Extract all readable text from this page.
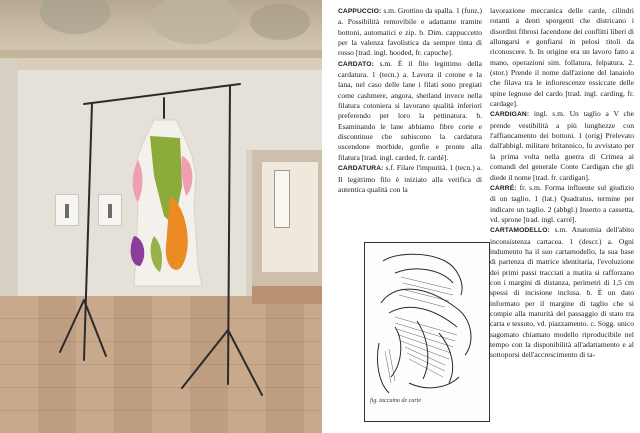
CAPPUCCIO: s.m. Grottino da spalla. 1 (funz.) a. Possibilità removibile e adattante tramite bottoni, automatici e zip. b. Dim. cappuccetto per la valenza favolistica da sempre tinta di rosso [trad. ingl. hooded, fr. capuche].

CARDATO: s.m. È il filo legittimo della cardatura. 1 (tecn.) a. Lavora il cotone e la lana, nel caso delle lane i filati sono pregiati come cashmere, angora, shetland invece nella filatura cotoniera si lavorano qualità inferiori preferendo per loro la pettinatura. b. Esaminando le lane abbiamo fibre corte e discontinue che subiscono la cardatura uscendone morbide, gonfie e pronte alla filatura [trad. ingl. carded, fr. cardé].

CARDATURA: s.f. Filare l'impurità. 1 (tecn.) a. Il legittimo filo è iniziato alla verifica di autentica qualità con la

fig. taccuino de carte

lavorazione meccanica delle carde, cilindri rotanti a denti sporgenti che districano i disordini fibrosi facendone dei conflitti liberi di allungarsi e gonfiarsi in pelosi titoli da riconoscere. b. In origine era un lavoro fatto a mano, operazioni sim. follatura, felpatura. 2. (stor.) Prende il nome dall'azione del lanaiolo che filava tra le infiorescenze essiccate delle spine legnose del cardo [trad. ingl. carding, fr. cardage].

CARDIGAN: ingl. s.m. Un taglio a V che prende vestibilità a più lunghezze con l'affiancamento dei bottoni. 1 (orig) Prelevato dall'abbigl. militare britannico, fu avvistato per la prima volta nella guerra di Crimea ai comandi del generale Conte Cardigan che gli diede il nome [trad. fr. cardigan].

CARRÉ: fr. s.m. Forma influente sul giudizio di un taglio. 1 (lat.) Quadratus, termine per indicare un taglio. 2 (abbgl.) Inserto a cassetta, vd. sprone [trad. ingl. carré].

CARTAMODELLO: s.m. Anatomia dell'abito inconsistenza cartacea. 1 (descr.) a. Ogni indumento ha il suo cartamodello, la sua base di partenza di matrice identitaria, l'evoluzione dei primi passi tracciati a matita si rafforzano con i margini di distanza, perimetri di 1,5 cm spessi di incisione inclusa. b. È un dato informato per il margine di taglio che si compie alla maturità del passaggio di stato tra carta e tessuto, vd. piazzamento. c. Sogg. unico sagomato chiamato modello riproducibile nel tempo con la disponibilità all'adattamento e al sottoporsi dell'accrescimento di ta-
